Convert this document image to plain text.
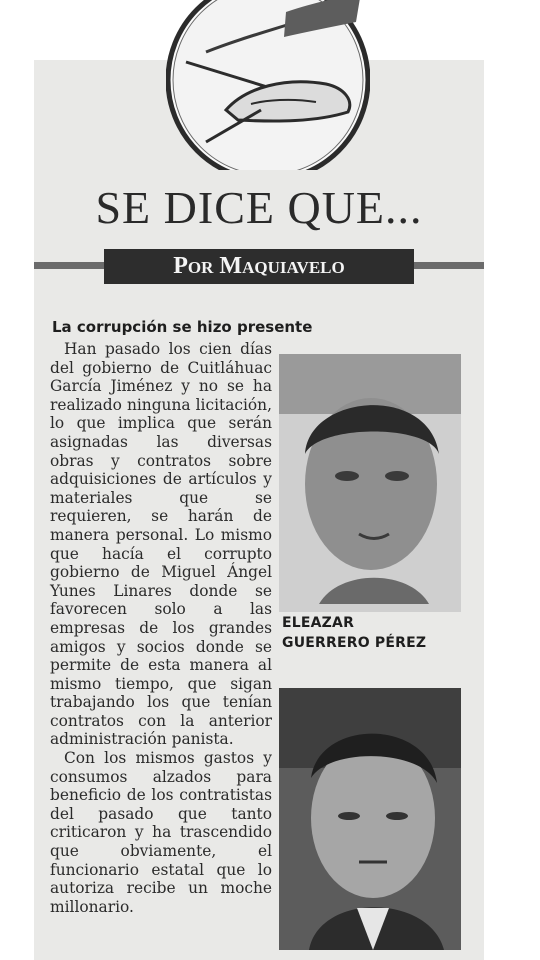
SE DICE QUE...
Por Maquiavelo
La corrupción se hizo presente

Han pasado los cien días del gobierno de Cuitláhuac García Jiménez y no se ha realizado ninguna licitación, lo que implica que serán asignadas las diversas obras y contratos sobre adquisiciones de artículos y materiales que se requieren, se harán de manera personal. Lo mismo que hacía el corrupto gobierno de Miguel Ángel Yunes Linares donde se favorecen solo a las empresas de los grandes amigos y socios donde se permite de esta manera al mismo tiempo, que sigan trabajando los que tenían contratos con la anterior administración panista.

Con los mismos gastos y consumos alzados para beneficio de los contratistas del pasado que tanto criticaron y ha trascendido que obviamente, el funcionario estatal que lo autoriza recibe un moche millonario.

ELEAZAR
GUERRERO PÉREZ
